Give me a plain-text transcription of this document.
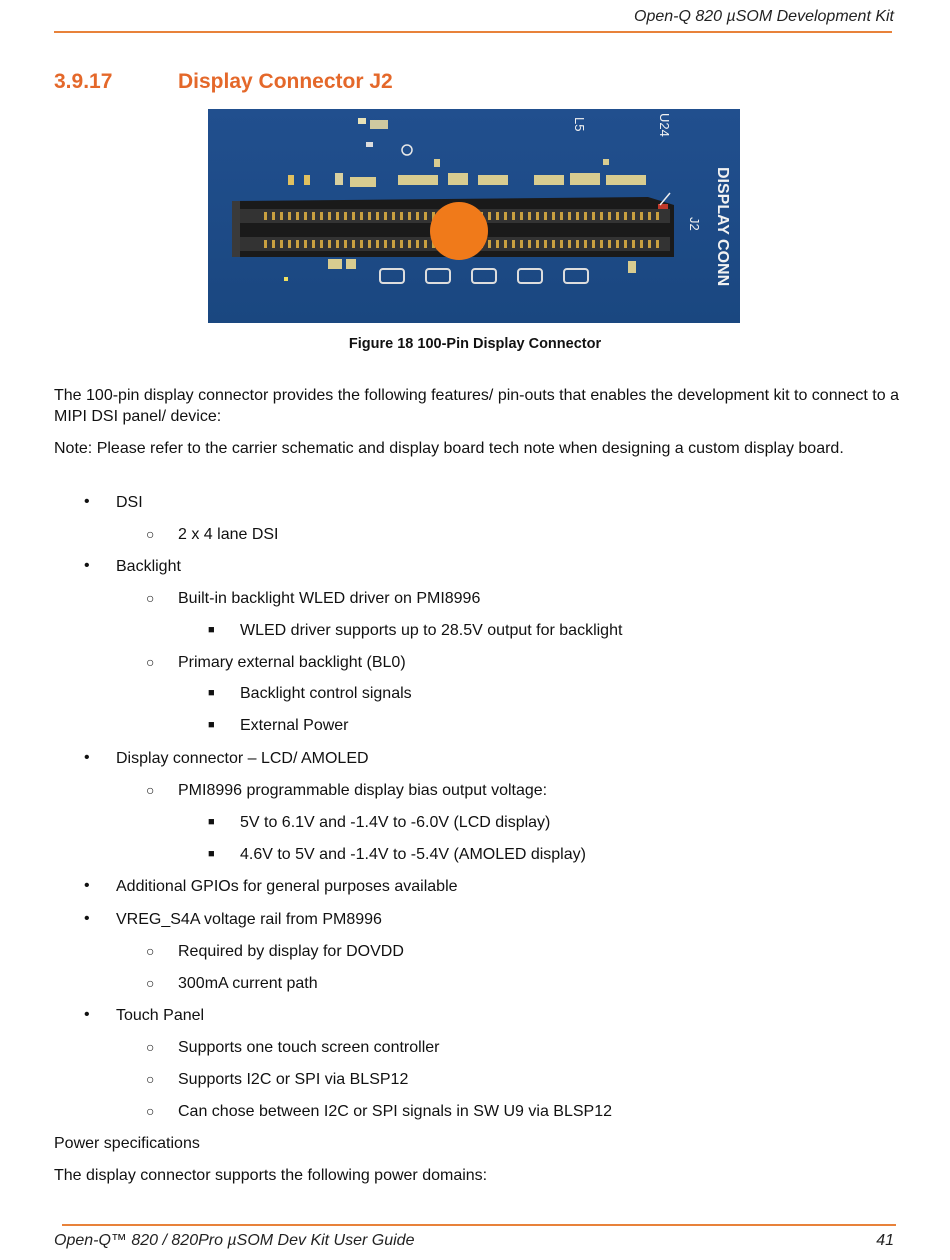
Open-Q 820 µSOM Development Kit
3.9.17	Display Connector J2
L5	U24
J2 DISPLAY CONN
Figure 18 100-Pin Display Connector
The 100-pin display connector provides the following features/ pin-outs that enables the development kit to connect to a MIPI DSI panel/ device:
Note: Please refer to the carrier schematic and display board tech note when designing a custom display board.
• DSI
○ 2 x 4 lane DSI
• Backlight
○ Built-in backlight WLED driver on PMI8996
■ WLED driver supports up to 28.5V output for backlight
○ Primary external backlight (BL0)
■ Backlight control signals
■ External Power
• Display connector – LCD/ AMOLED
○ PMI8996 programmable display bias output voltage:
■ 5V to 6.1V and -1.4V to -6.0V (LCD display)
■ 4.6V to 5V and -1.4V to -5.4V (AMOLED display)
• Additional GPIOs for general purposes available
• VREG_S4A voltage rail from PM8996
○ Required by display for DOVDD
○ 300mA current path
• Touch Panel
○ Supports one touch screen controller
○ Supports I2C or SPI via BLSP12
○ Can chose between I2C or SPI signals in SW U9 via BLSP12
Power specifications
The display connector supports the following power domains:
Open-Q™ 820 / 820Pro µSOM Dev Kit User Guide	41
